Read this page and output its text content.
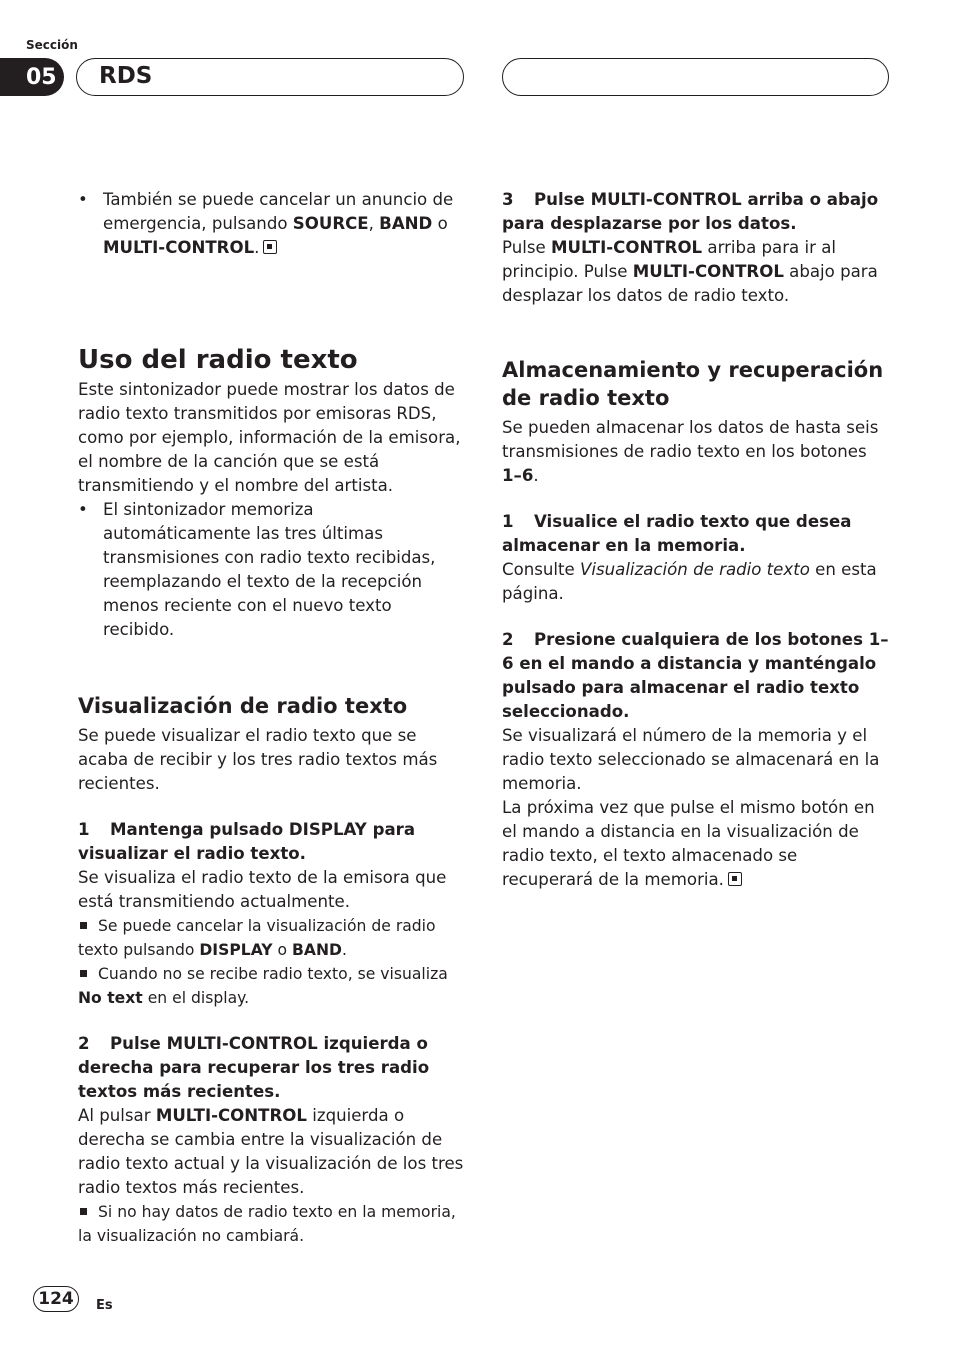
Sección
05	RDS

• También se puede cancelar un anuncio de emergencia, pulsando SOURCE, BAND o MULTI-CONTROL.

Uso del radio texto

Este sintonizador puede mostrar los datos de radio texto transmitidos por emisoras RDS, como por ejemplo, información de la emisora, el nombre de la canción que se está transmitiendo y el nombre del artista.

• El sintonizador memoriza automáticamente las tres últimas transmisiones con radio texto recibidas, reemplazando el texto de la recepción menos reciente con el nuevo texto recibido.

Visualización de radio texto

Se puede visualizar el radio texto que se acaba de recibir y los tres radio textos más recientes.

1 Mantenga pulsado DISPLAY para visualizar el radio texto.

Se visualiza el radio texto de la emisora que está transmitiendo actualmente.

Se puede cancelar la visualización de radio texto pulsando DISPLAY o BAND.

Cuando no se recibe radio texto, se visualiza No text en el display.

2 Pulse MULTI-CONTROL izquierda o derecha para recuperar los tres radio textos más recientes.

Al pulsar MULTI-CONTROL izquierda o derecha se cambia entre la visualización de radio texto actual y la visualización de los tres radio textos más recientes.

Si no hay datos de radio texto en la memoria, la visualización no cambiará.

3 Pulse MULTI-CONTROL arriba o abajo para desplazarse por los datos.

Pulse MULTI-CONTROL arriba para ir al principio. Pulse MULTI-CONTROL abajo para desplazar los datos de radio texto.

Almacenamiento y recuperación de radio texto

Se pueden almacenar los datos de hasta seis transmisiones de radio texto en los botones 1–6.

1 Visualice el radio texto que desea almacenar en la memoria.

Consulte Visualización de radio texto en esta página.

2 Presione cualquiera de los botones 1–6 en el mando a distancia y manténgalo pulsado para almacenar el radio texto seleccionado.

Se visualizará el número de la memoria y el radio texto seleccionado se almacenará en la memoria.

La próxima vez que pulse el mismo botón en el mando a distancia en la visualización de radio texto, el texto almacenado se recuperará de la memoria.

124	Es
